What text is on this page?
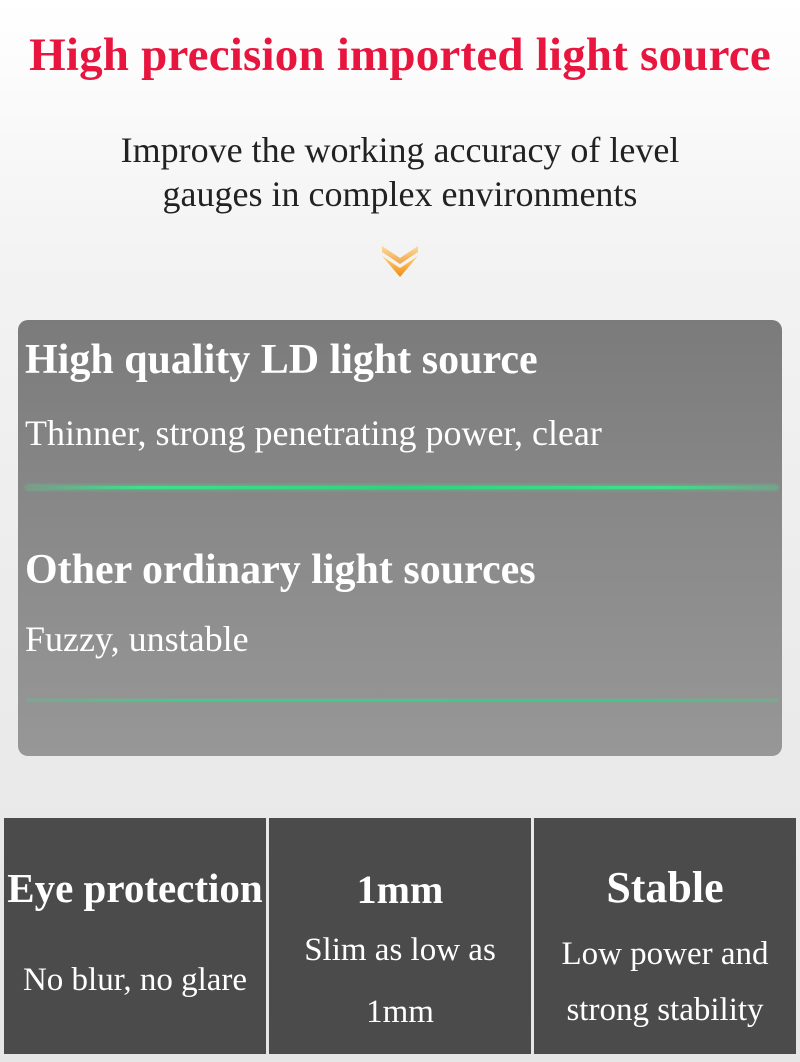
High precision imported light source
Improve the working accuracy of level
gauges in complex environments
High quality LD light source
Thinner, strong penetrating power, clear
Other ordinary light sources
Fuzzy, unstable
Eye protection
No blur, no glare
1mm
Slim as low as
1mm
Stable
Low power and
strong stability
